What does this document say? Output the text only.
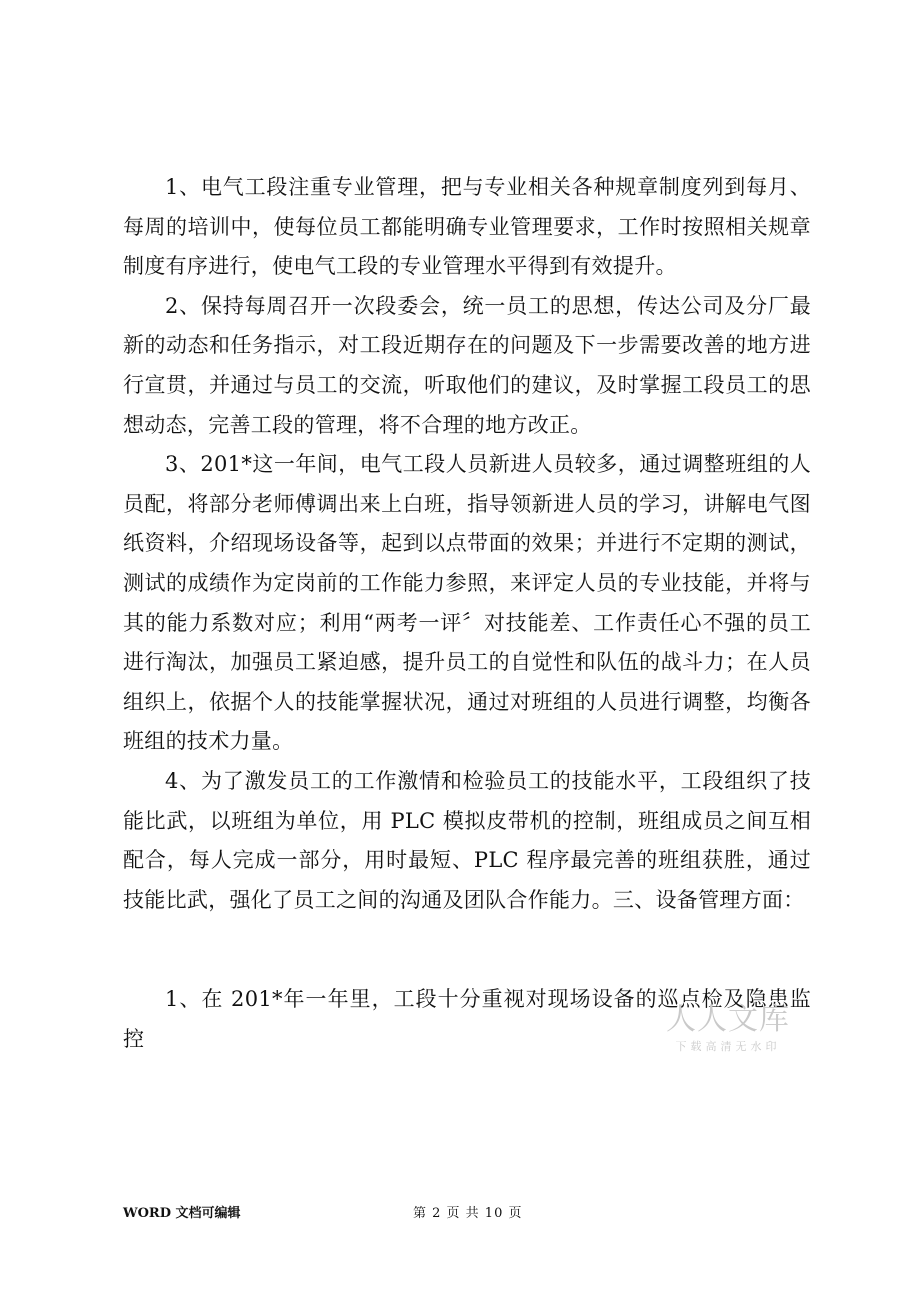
1、电气工段注重专业管理，把与专业相关各种规章制度列到每月、每周的培训中，使每位员工都能明确专业管理要求，工作时按照相关规章制度有序进行，使电气工段的专业管理水平得到有效提升。

2、保持每周召开一次段委会，统一员工的思想，传达公司及分厂最新的动态和任务指示，对工段近期存在的问题及下一步需要改善的地方进行宣贯，并通过与员工的交流，听取他们的建议，及时掌握工段员工的思想动态，完善工段的管理，将不合理的地方改正。

3、201*这一年间，电气工段人员新进人员较多，通过调整班组的人员配，将部分老师傅调出来上白班，指导领新进人员的学习，讲解电气图纸资料，介绍现场设备等，起到以点带面的效果；并进行不定期的测试，测试的成绩作为定岗前的工作能力参照，来评定人员的专业技能，并将与其的能力系数对应；利用“两考一评〞对技能差、工作责任心不强的员工进行淘汰，加强员工紧迫感，提升员工的自觉性和队伍的战斗力；在人员组织上，依据个人的技能掌握状况，通过对班组的人员进行调整，均衡各班组的技术力量。

4、为了激发员工的工作激情和检验员工的技能水平，工段组织了技能比武，以班组为单位，用 PLC 模拟皮带机的控制，班组成员之间互相配合，每人完成一部分，用时最短、PLC 程序最完善的班组获胜，通过技能比武，强化了员工之间的沟通及团队合作能力。三、设备管理方面：

1、在 201*年一年里，工段十分重视对现场设备的巡点检及隐患监控

人人文库
下载高清无水印
WORD 文档可编辑	第 2 页 共 10 页
